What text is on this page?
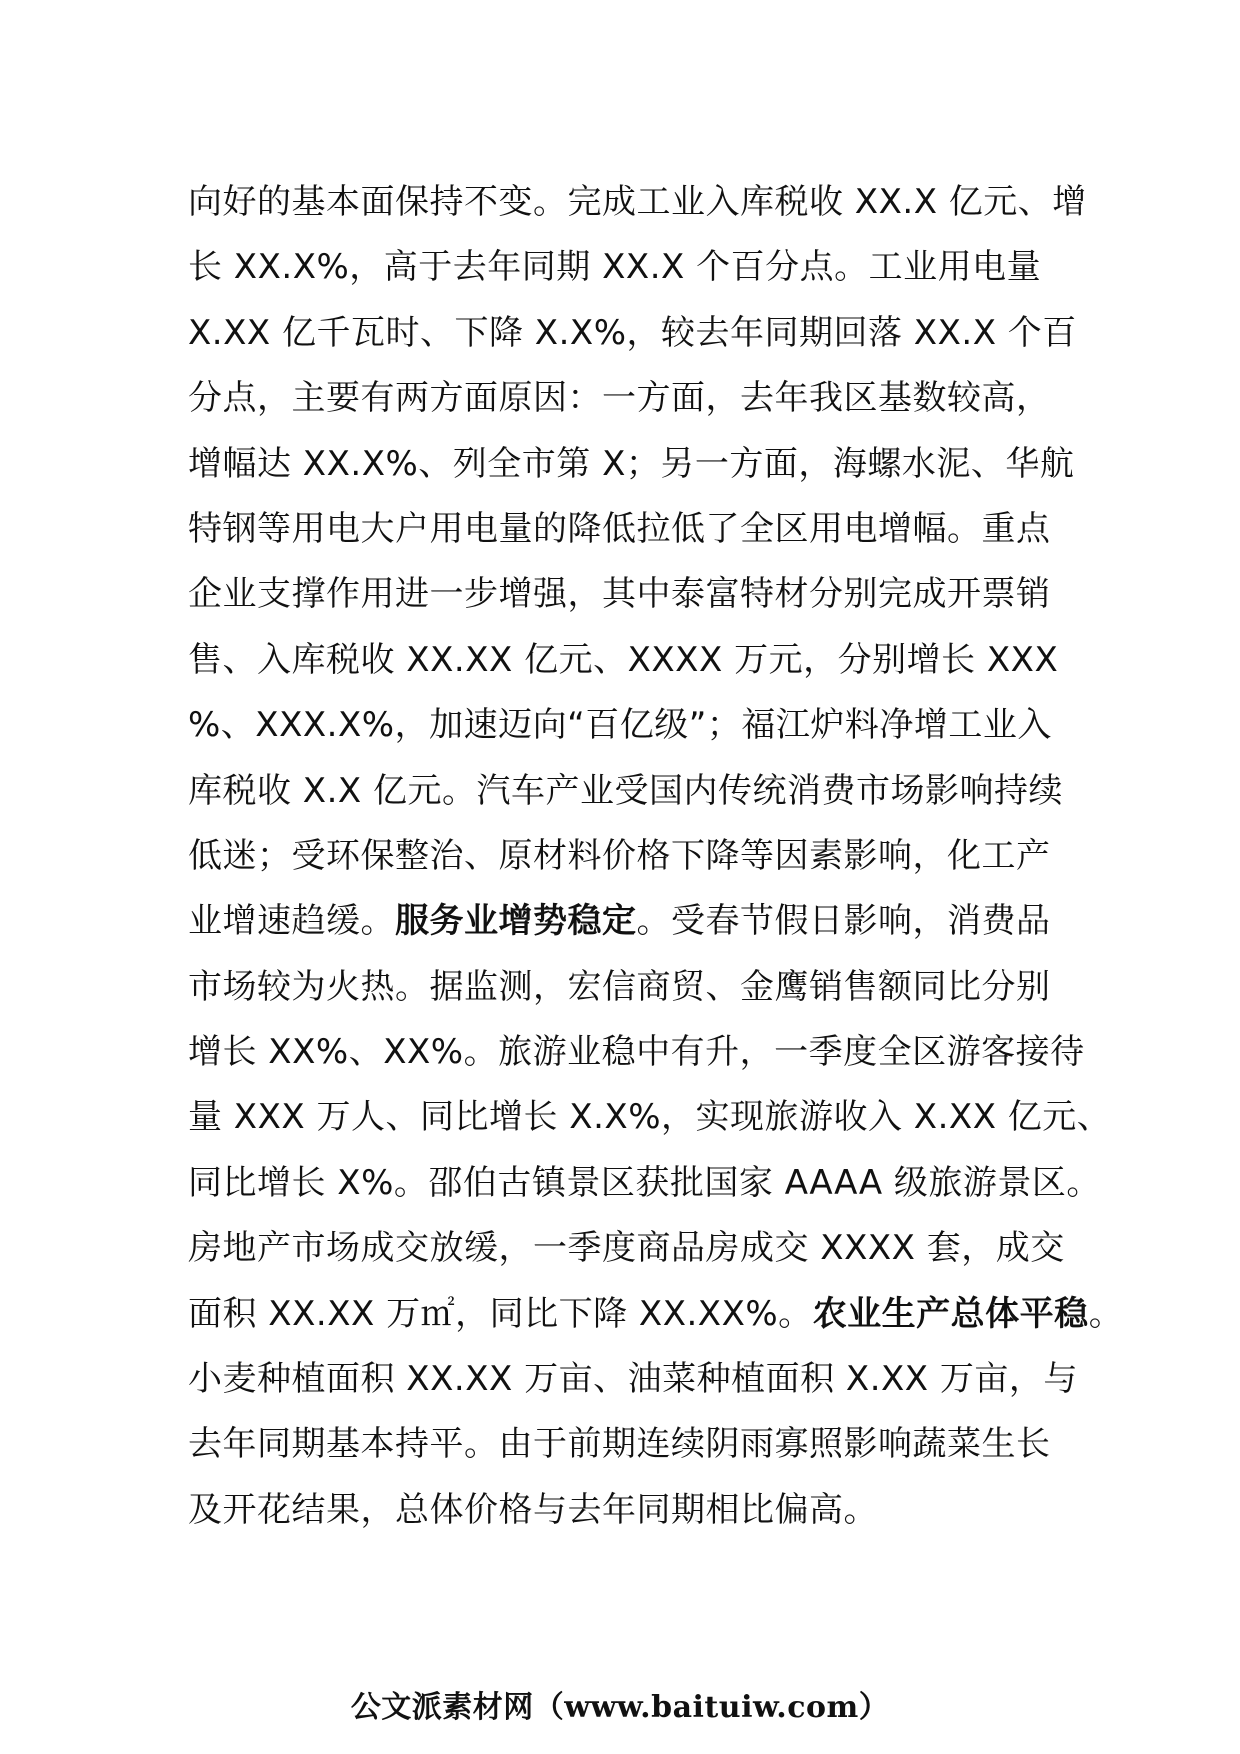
向好的基本面保持不变。完成工业入库税收 XX.X 亿元、增
长 XX.X%，高于去年同期 XX.X 个百分点。工业用电量
X.XX 亿千瓦时、下降 X.X%，较去年同期回落 XX.X 个百
分点，主要有两方面原因：一方面，去年我区基数较高，
增幅达 XX.X%、列全市第 X；另一方面，海螺水泥、华航
特钢等用电大户用电量的降低拉低了全区用电增幅。重点
企业支撑作用进一步增强，其中泰富特材分别完成开票销
售、入库税收 XX.XX 亿元、XXXX 万元，分别增长 XXX
%、XXX.X%，加速迈向“百亿级”；福江炉料净增工业入
库税收 X.X 亿元。汽车产业受国内传统消费市场影响持续
低迷；受环保整治、原材料价格下降等因素影响，化工产
业增速趋缓。服务业增势稳定。受春节假日影响，消费品
市场较为火热。据监测，宏信商贸、金鹰销售额同比分别
增长 XX%、XX%。旅游业稳中有升，一季度全区游客接待
量 XXX 万人、同比增长 X.X%，实现旅游收入 X.XX 亿元、
同比增长 X%。邵伯古镇景区获批国家 AAAA 级旅游景区。
房地产市场成交放缓，一季度商品房成交 XXXX 套，成交
面积 XX.XX 万㎡，同比下降 XX.XX%。农业生产总体平稳。
小麦种植面积 XX.XX 万亩、油菜种植面积 X.XX 万亩，与
去年同期基本持平。由于前期连续阴雨寡照影响蔬菜生长
及开花结果，总体价格与去年同期相比偏高。

公文派素材网（www.baituiw.com）
